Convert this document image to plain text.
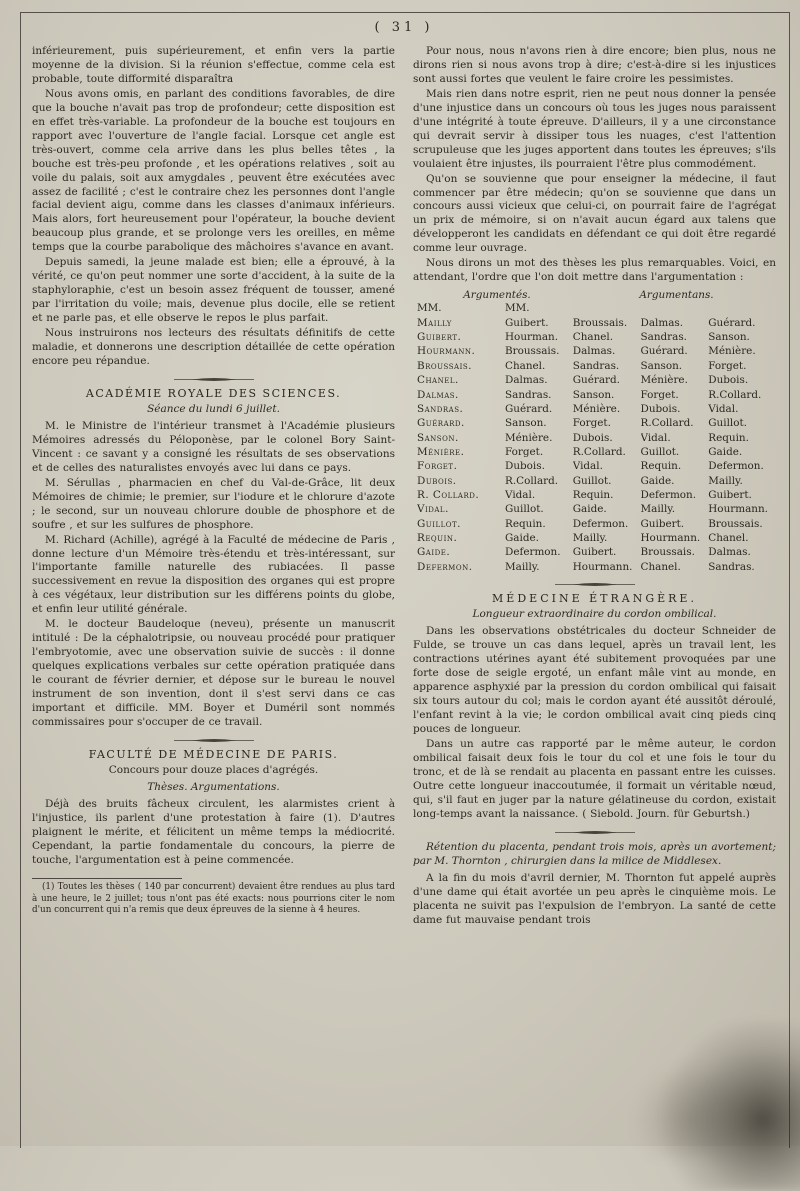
( 31 )

inférieurement, puis supérieurement, et enfin vers la partie moyenne de la division. Si la réunion s'effectue, comme cela est probable, toute difformité disparaîtra

Nous avons omis, en parlant des conditions favorables, de dire que la bouche n'avait pas trop de profondeur; cette disposition est en effet très-variable. La profondeur de la bouche est toujours en rapport avec l'ouverture de l'angle facial. Lorsque cet angle est très-ouvert, comme cela arrive dans les plus belles têtes , la bouche est très-peu profonde , et les opérations relatives , soit au voile du palais, soit aux amygdales , peuvent être exécutées avec assez de facilité ; c'est le contraire chez les personnes dont l'angle facial devient aigu, comme dans les classes d'animaux inférieurs. Mais alors, fort heureusement pour l'opérateur, la bouche devient beaucoup plus grande, et se prolonge vers les oreilles, en même temps que la courbe parabolique des mâchoires s'avance en avant.

Depuis samedi, la jeune malade est bien; elle a éprouvé, à la vérité, ce qu'on peut nommer une sorte d'accident, à la suite de la staphyloraphie, c'est un besoin assez fréquent de tousser, amené par l'irritation du voile; mais, devenue plus docile, elle se retient et ne parle pas, et elle observe le repos le plus parfait.

Nous instruirons nos lecteurs des résultats définitifs de cette maladie, et donnerons une description détaillée de cette opération encore peu répandue.

ACADÉMIE ROYALE DES SCIENCES.
Séance du lundi 6 juillet.

M. le Ministre de l'intérieur transmet à l'Académie plusieurs Mémoires adressés du Péloponèse, par le colonel Bory Saint-Vincent : ce savant y a consigné les résultats de ses observations et de celles des naturalistes envoyés avec lui dans ce pays.

M. Sérullas , pharmacien en chef du Val-de-Grâce, lit deux Mémoires de chimie; le premier, sur l'iodure et le chlorure d'azote ; le second, sur un nouveau chlorure double de phosphore et de soufre , et sur les sulfures de phosphore.

M. Richard (Achille), agrégé à la Faculté de médecine de Paris , donne lecture d'un Mémoire très-étendu et très-intéressant, sur l'importante famille naturelle des rubiacées. Il passe successivement en revue la disposition des organes qui est propre à ces végétaux, leur distribution sur les différens points du globe, et enfin leur utilité générale.

M. le docteur Baudeloque (neveu), présente un manuscrit intitulé : De la céphalotripsie, ou nouveau procédé pour pratiquer l'embryotomie, avec une observation suivie de succès : il donne quelques explications verbales sur cette opération pratiquée dans le courant de février dernier, et dépose sur le bureau le nouvel instrument de son invention, dont il s'est servi dans ce cas important et difficile. MM. Boyer et Duméril sont nommés commissaires pour s'occuper de ce travail.

FACULTÉ DE MÉDECINE DE PARIS.
Concours pour douze places d'agrégés.
Thèses. Argumentations.

Déjà des bruits fâcheux circulent, les alarmistes crient à l'injustice, ils parlent d'une protestation à faire (1). D'autres plaignent le mérite, et félicitent un même temps la médiocrité. Cependant, la partie fondamentale du concours, la pierre de touche, l'argumentation est à peine commencée.

(1) Toutes les thèses ( 140 par concurrent) devaient être rendues au plus tard à une heure, le 2 juillet; tous n'ont pas été exacts: nous pourrions citer le nom d'un concurrent qui n'a remis que deux épreuves de la sienne à 4 heures.

Pour nous, nous n'avons rien à dire encore; bien plus, nous ne dirons rien si nous avons trop à dire; c'est-à-dire si les injustices sont aussi fortes que veulent le faire croire les pessimistes.

Mais rien dans notre esprit, rien ne peut nous donner la pensée d'une injustice dans un concours où tous les juges nous paraissent d'une intégrité à toute épreuve. D'ailleurs, il y a une circonstance qui devrait servir à dissiper tous les nuages, c'est l'attention scrupuleuse que les juges apportent dans toutes les épreuves; s'ils voulaient être injustes, ils pourraient l'être plus commodément.

Qu'on se souvienne que pour enseigner la médecine, il faut commencer par être médecin; qu'on se souvienne que dans un concours aussi vicieux que celui-ci, on pourrait faire de l'agrégat un prix de mémoire, si on n'avait aucun égard aux talens que développeront les candidats en défendant ce qui doit être regardé comme leur ouvrage.

Nous dirons un mot des thèses les plus remarquables. Voici, en attendant, l'ordre que l'on doit mettre dans l'argumentation :

Argumentés.	Argumentans.
MM.	MM.
Mailly	Guibert.	Broussais.	Dalmas.	Guérard.
Guibert.	Hourman.	Chanel.	Sandras.	Sanson.
Hourmann.	Broussais.	Dalmas.	Guérard.	Ménière.
Broussais.	Chanel.	Sandras.	Sanson.	Forget.
Chanel.	Dalmas.	Guérard.	Ménière.	Dubois.
Dalmas.	Sandras.	Sanson.	Forget.	R.Collard.
Sandras.	Guérard.	Ménière.	Dubois.	Vidal.
Guérard.	Sanson.	Forget.	R.Collard.	Guillot.
Sanson.	Ménière.	Dubois.	Vidal.	Requin.
Ménière.	Forget.	R.Collard.	Guillot.	Gaide.
Forget.	Dubois.	Vidal.	Requin.	Defermon.
Dubois.	R.Collard.	Guillot.	Gaide.	Mailly.
R. Collard.	Vidal.	Requin.	Defermon.	Guibert.
Vidal.	Guillot.	Gaide.	Mailly.	Hourmann.
Guillot.	Requin.	Defermon.	Guibert.	Broussais.
Requin.	Gaide.	Mailly.	Hourmann. Chanel.
Gaide.	Defermon.	Guibert.	Broussais.	Dalmas.
Defermon.	Mailly.	Hourmann. Chanel.	Sandras.
MÉDECINE ÉTRANGÈRE.
Longueur extraordinaire du cordon ombilical.

Dans les observations obstétricales du docteur Schneider de Fulde, se trouve un cas dans lequel, après un travail lent, les contractions utérines ayant été subitement provoquées par une forte dose de seigle ergoté, un enfant mâle vint au monde, en apparence asphyxié par la pression du cordon ombilical qui faisait six tours autour du col; mais le cordon ayant été aussitôt déroulé, l'enfant revint à la vie; le cordon ombilical avait cinq pieds cinq pouces de longueur.

Dans un autre cas rapporté par le même auteur, le cordon ombilical faisait deux fois le tour du col et une fois le tour du tronc, et de là se rendait au placenta en passant entre les cuisses. Outre cette longueur inaccoutumée, il formait un véritable nœud, qui, s'il faut en juger par la nature gélatineuse du cordon, existait long-temps avant la naissance. ( Siebold. Journ. für Geburtsh.)

Rétention du placenta, pendant trois mois, après un avortement; par M. Thornton , chirurgien dans la milice de Middlesex.

A la fin du mois d'avril dernier, M. Thornton fut appelé auprès d'une dame qui était avortée un peu après le cinquième mois. Le placenta ne suivit pas l'expulsion de l'embryon. La santé de cette dame fut mauvaise pendant trois
